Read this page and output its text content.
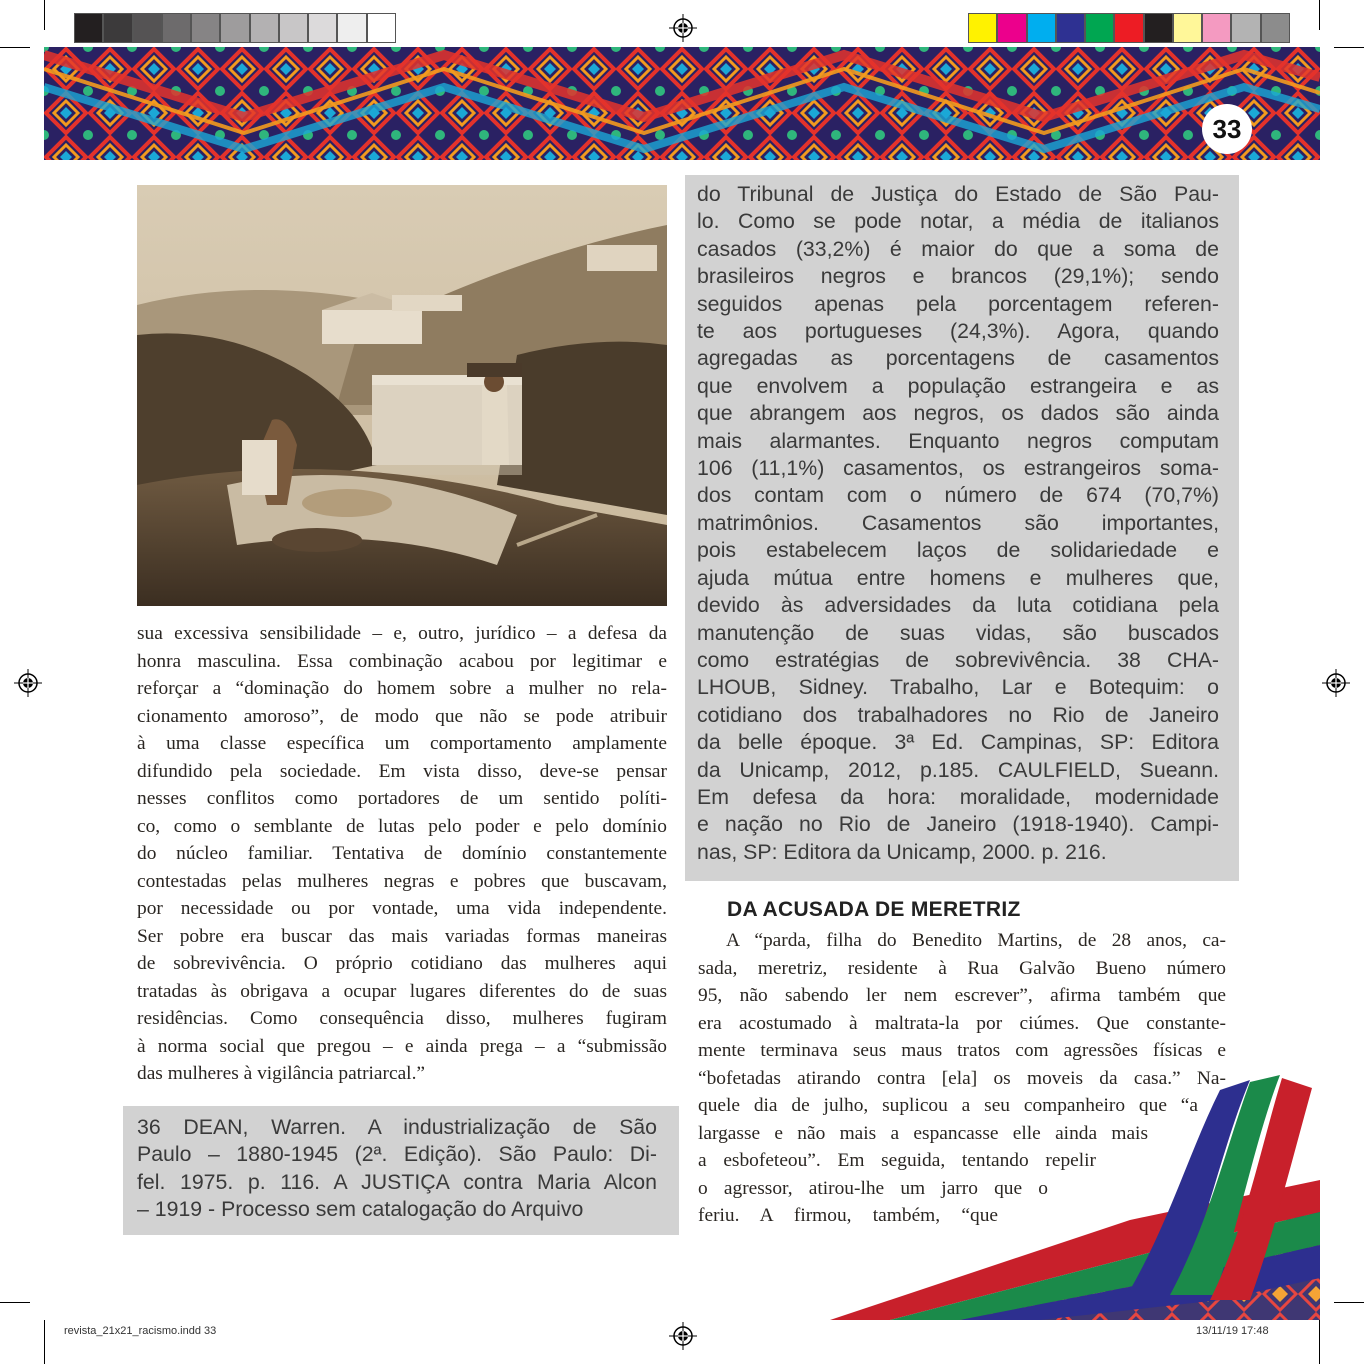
33
sua excessiva sensibilidade – e, outro, jurídico – a defesa da
honra masculina. Essa combinação acabou por legitimar e
reforçar a “dominação do homem sobre a mulher no rela-
cionamento amoroso”, de modo que não se pode atribuir
à uma classe específica um comportamento amplamente
difundido pela sociedade. Em vista disso, deve-se pensar
nesses conflitos como portadores de um sentido políti-
co, como o semblante de lutas pelo poder e pelo domínio
do núcleo familiar. Tentativa de domínio constantemente
contestadas pelas mulheres negras e pobres que buscavam,
por necessidade ou por vontade, uma vida independente.
Ser pobre era buscar das mais variadas formas maneiras
de sobrevivência. O próprio cotidiano das mulheres aqui
tratadas às obrigava a ocupar lugares diferentes do de suas
residências. Como consequência disso, mulheres fugiram
à norma social que pregou – e ainda prega – a “submissão
das mulheres à vigilância patriarcal.”
36 DEAN, Warren. A industrialização de São
Paulo – 1880-1945 (2ª. Edição). São Paulo: Di-
fel. 1975. p. 116. A JUSTIÇA contra Maria Alcon
– 1919 - Processo sem catalogação do Arquivo
do Tribunal de Justiça do Estado de São Pau-
lo. Como se pode notar, a média de italianos
casados (33,2%) é maior do que a soma de
brasileiros negros e brancos (29,1%); sendo
seguidos apenas pela porcentagem referen-
te aos portugueses (24,3%). Agora, quando
agregadas as porcentagens de casamentos
que envolvem a população estrangeira e as
que abrangem aos negros, os dados são ainda
mais alarmantes. Enquanto negros computam
106 (11,1%) casamentos, os estrangeiros soma-
dos contam com o número de 674 (70,7%)
matrimônios. Casamentos são importantes,
pois estabelecem laços de solidariedade e
ajuda mútua entre homens e mulheres que,
devido às adversidades da luta cotidiana pela
manutenção de suas vidas, são buscados
como estratégias de sobrevivência. 38 CHA-
LHOUB, Sidney. Trabalho, Lar e Botequim: o
cotidiano dos trabalhadores no Rio de Janeiro
da belle époque. 3ª Ed. Campinas, SP: Editora
da Unicamp, 2012, p.185. CAULFIELD, Sueann.
Em defesa da hora: moralidade, modernidade
e nação no Rio de Janeiro (1918-1940). Campi-
nas, SP: Editora da Unicamp, 2000. p. 216.
DA ACUSADA DE MERETRIZ
A “parda, filha do Benedito Martins, de 28 anos, ca-
sada, meretriz, residente à Rua Galvão Bueno número
95, não sabendo ler nem escrever”, afirma também que
era acostumado à maltrata-la por ciúmes. Que constante-
mente terminava seus maus tratos com agressões físicas e
“bofetadas atirando contra [ela] os moveis da casa.” Na-
quele dia de julho, suplicou a seu companheiro que “a
largasse e não mais a espancasse elle ainda mais
a esbofeteou”. Em seguida, tentando repelir
o agressor, atirou-lhe um jarro que o
feriu. A firmou, também, “que
revista_21x21_racismo.indd 33	13/11/19 17:48
